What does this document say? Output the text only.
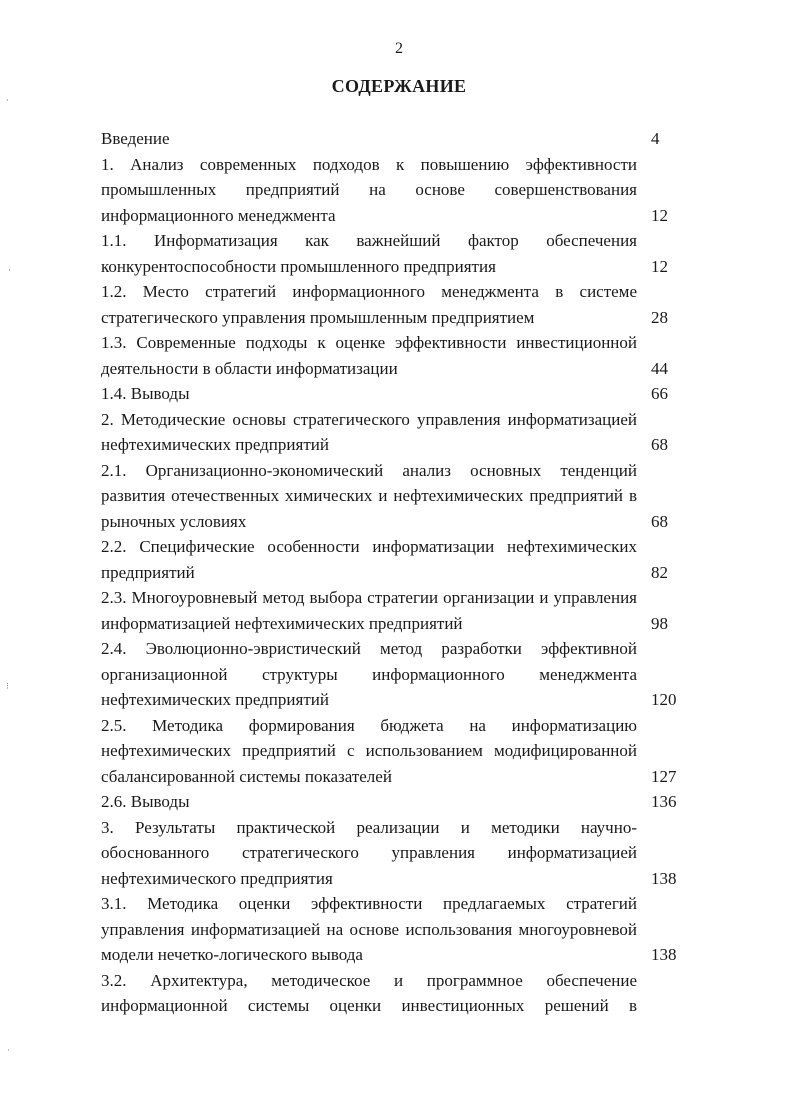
2
СОДЕРЖАНИЕ
Введение	4
1. Анализ современных подходов к повышению эффективности промышленных предприятий на основе совершенствования информационного менеджмента	12
1.1. Информатизация как важнейший фактор обеспечения конкурентоспособности промышленного предприятия	12
1.2. Место стратегий информационного менеджмента в системе стратегического управления промышленным предприятием	28
1.3. Современные подходы к оценке эффективности инвестиционной деятельности в области информатизации	44
1.4. Выводы	66
2. Методические основы стратегического управления информатизацией нефтехимических предприятий	68
2.1. Организационно-экономический анализ основных тенденций развития отечественных химических и нефтехимических предприятий в рыночных условиях	68
2.2. Специфические особенности информатизации нефтехимических предприятий	82
2.3. Многоуровневый метод выбора стратегии организации и управления информатизацией нефтехимических предприятий	98
2.4. Эволюционно-эвристический метод разработки эффективной организационной структуры информационного менеджмента нефтехимических предприятий	120
2.5. Методика формирования бюджета на информатизацию нефтехимических предприятий с использованием модифицированной сбалансированной системы показателей	127
2.6. Выводы	136
3. Результаты практической реализации и методики научно-обоснованного стратегического управления информатизацией нефтехимического предприятия	138
3.1. Методика оценки эффективности предлагаемых стратегий управления информатизацией на основе использования многоуровневой модели нечетко-логического вывода	138
3.2. Архитектура, методическое и программное обеспечение информационной системы оценки инвестиционных решений в
·
·
⁝
·
